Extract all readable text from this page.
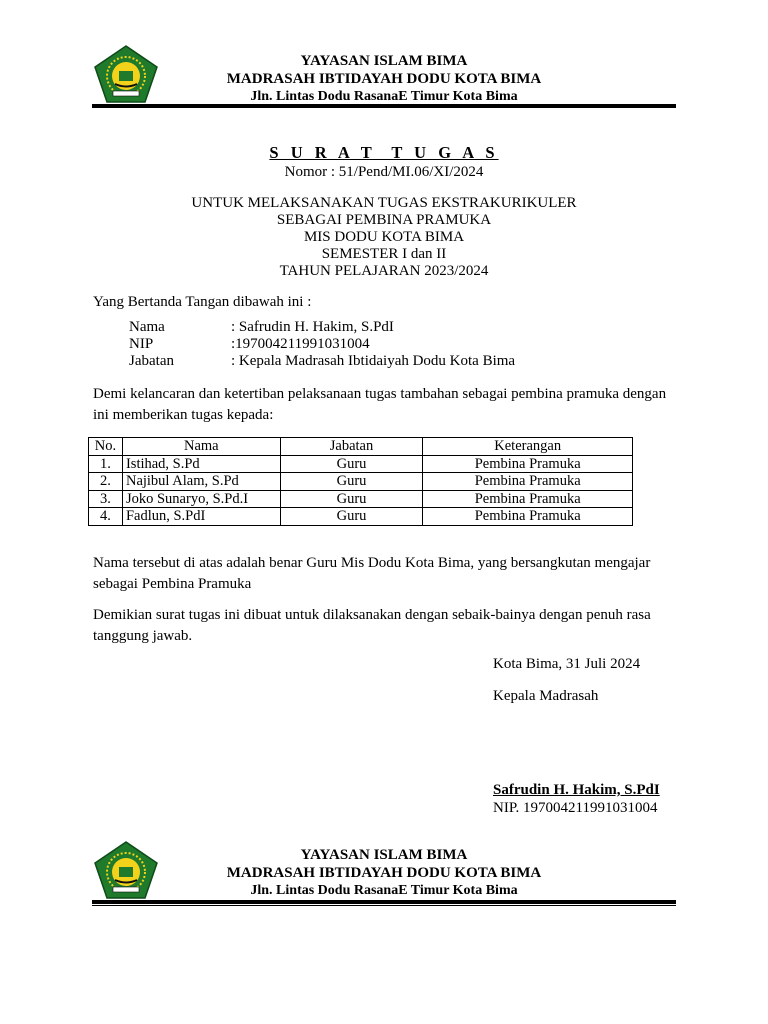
YAYASAN ISLAM BIMA
MADRASAH IBTIDAYAH DODU KOTA BIMA
Jln. Lintas Dodu RasanaE Timur Kota Bima
S U R A T  T U G A S
Nomor : 51/Pend/MI.06/XI/2024
UNTUK MELAKSANAKAN TUGAS EKSTRAKURIKULER
SEBAGAI PEMBINA PRAMUKA
MIS DODU KOTA BIMA
SEMESTER I dan II
TAHUN PELAJARAN 2023/2024
Yang Bertanda Tangan dibawah ini :
Nama	: Safrudin H. Hakim, S.PdI
NIP	:197004211991031004
Jabatan	: Kepala Madrasah Ibtidaiyah Dodu Kota Bima

Demi kelancaran dan ketertiban pelaksanaan tugas tambahan sebagai pembina pramuka dengan ini memberikan tugas kepada:

No.	Nama	Jabatan	Keterangan
1.	Istihad, S.Pd	Guru	Pembina Pramuka
2.	Najibul Alam, S.Pd	Guru	Pembina Pramuka
3.	Joko Sunaryo, S.Pd.I	Guru	Pembina Pramuka
4.	Fadlun, S.PdI	Guru	Pembina Pramuka

Nama tersebut di atas adalah benar Guru Mis Dodu Kota Bima, yang bersangkutan mengajar sebagai Pembina Pramuka

Demikian surat tugas ini dibuat untuk dilaksanakan dengan sebaik-bainya dengan penuh rasa tanggung jawab.

Kota Bima, 31 Juli 2024
Kepala Madrasah
Safrudin H. Hakim, S.PdI
NIP. 197004211991031004
YAYASAN ISLAM BIMA
MADRASAH IBTIDAYAH DODU KOTA BIMA
Jln. Lintas Dodu RasanaE Timur Kota Bima
